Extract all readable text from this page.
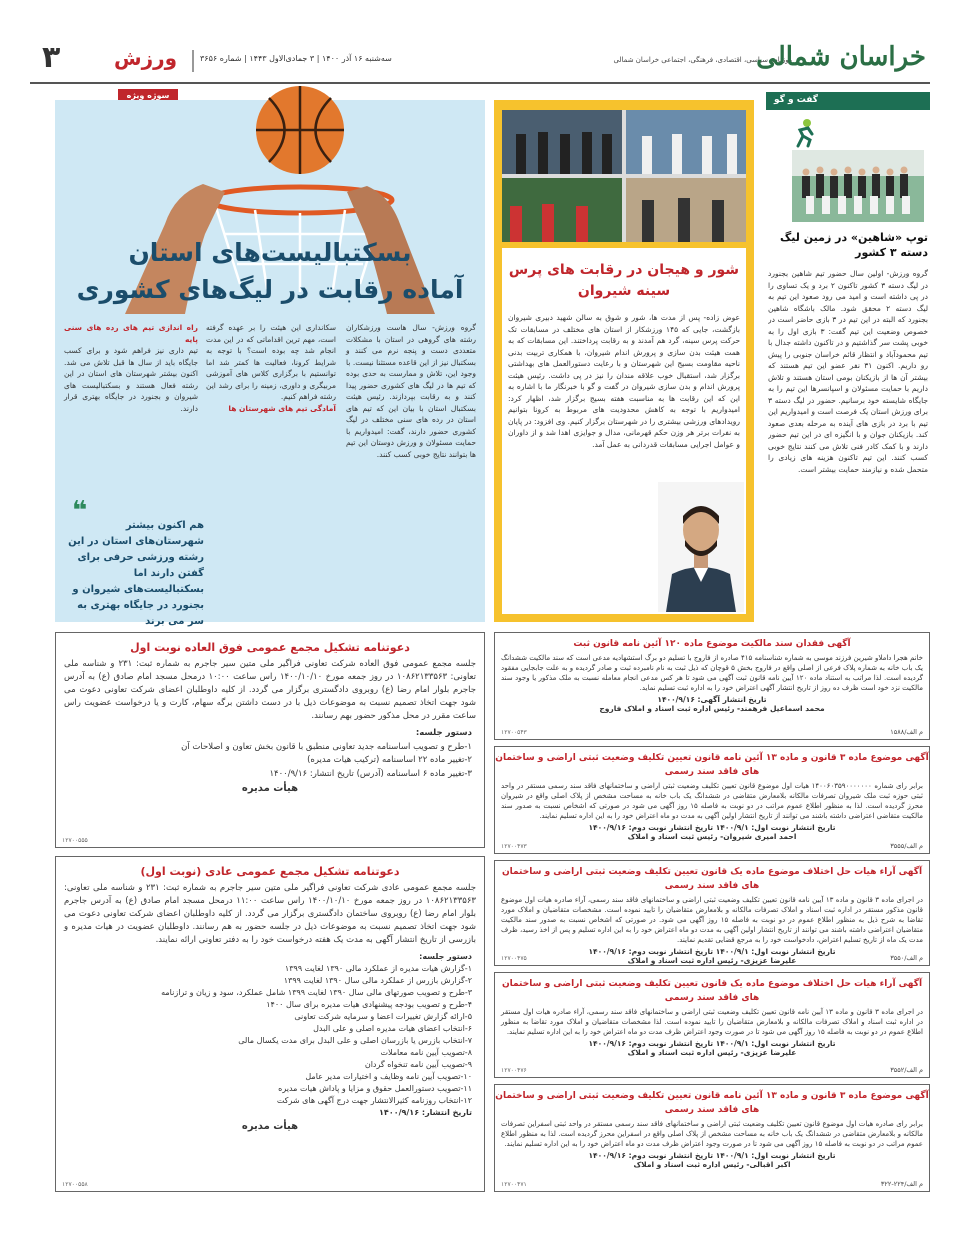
۳	ورزش	سه‌شنبه ۱۶ آذر ۱۴۰۰ | ۳ جمادی‌الاول ۱۴۴۳ | شماره ۳۶۵۶	روزنامه سیاسی، اقتصادی، فرهنگی، اجتماعی خراسان شمالی
خراسان شمالی
گفت و گو
توپ «شاهین» در زمین لیگ دسته ۳ کشور
گروه ورزش- اولین سال حضور تیم شاهین بجنورد در لیگ دسته ۳ کشور تاکنون ۲ برد و یک تساوی را در پی داشته است و امید می رود صعود این تیم به لیگ دسته ۲ محقق شود. مالک باشگاه شاهین بجنورد که البته در این تیم در ۳ بازی حاضر است در خصوص وضعیت این تیم گفت: ۳ بازی اول را به خوبی پشت سر گذاشتیم و در تاکنون داشته جدال با تیم محمودآباد و انتظار قائم خراسان جنوبی را پیش رو داریم. اکنون ۳۱ نفر عضو این تیم هستند که بیشتر آن ها از بازیکنان بومی استان هستند و تلاش داریم با حمایت مسئولان و اسپانسرها این تیم را به جایگاه شایسته خود برسانیم. حضور در لیگ دسته ۳ برای ورزش استان یک فرصت است و امیدواریم این تیم با برد در بازی های آینده به مرحله بعدی صعود کند. بازیکنان جوان و با انگیزه ای در این تیم حضور دارند و با کمک کادر فنی تلاش می کنند نتایج خوبی کسب کنند. این تیم تاکنون هزینه های زیادی را متحمل شده و نیازمند حمایت بیشتر است.
سوژه ویژه
شور و هیجان در رقابت های پرس سینه شیروان
عوض زاده- پس از مدت ها، شور و شوق به سالن شهید دبیری شیروان بازگشت، جایی که ۱۴۵ ورزشکار از استان های مختلف در مسابقات تک حرکت پرس سینه، گرد هم آمدند و به رقابت پرداختند. این مسابقات که به همت هیئت بدن سازی و پرورش اندام شیروان، با همکاری تربیت بدنی ناحیه مقاومت بسیج این شهرستان و با رعایت دستورالعمل های بهداشتی برگزار شد، استقبال خوب علاقه مندان را نیز در پی داشت. رئیس هیئت پرورش اندام و بدن سازی شیروان در گفت و گو با خبرنگار ما با اشاره به این که این رقابت ها به مناسبت هفته بسیج برگزار شد، اظهار کرد: امیدواریم با توجه به کاهش محدودیت های مربوط به کرونا بتوانیم رویدادهای ورزشی بیشتری را در شهرستان برگزار کنیم. وی افزود: در پایان به نفرات برتر هر وزن حکم قهرمانی، مدال و جوایزی اهدا شد و از داوران و عوامل اجرایی مسابقات قدردانی به عمل آمد.
بسکتبالیست‌های استان
آماده رقابت در لیگ‌های کشوری
گروه ورزش- سال هاست ورزشکاران رشته های گروهی در استان با مشکلات متعددی دست و پنجه نرم می کنند و بسکتبال نیز از این قاعده مستثنا نیست. با وجود این، تلاش و ممارست به حدی بوده که تیم ها در لیگ های کشوری حضور پیدا کنند و به رقابت بپردازند. رئیس هیئت بسکتبال استان با بیان این که تیم های استان در رده های سنی مختلف در لیگ کشوری حضور دارند، گفت: امیدواریم با حمایت مسئولان و ورزش دوستان این تیم ها بتوانند نتایج خوبی کسب کنند.
سکانداری این هیئت را بر عهده گرفته است، مهم ترین اقداماتی که در این مدت انجام شد چه بوده است؟ با توجه به شرایط کرونا، فعالیت ها کمتر شد اما توانستیم با برگزاری کلاس های آموزشی مربیگری و داوری، زمینه را برای رشد این رشته فراهم کنیم.
آمادگی تیم های شهرستان ها
راه اندازی تیم های رده های سنی پایه
تیم داری نیز فراهم شود و برای کسب جایگاه باید از سال ها قبل تلاش می شد. اکنون بیشتر شهرستان های استان در این رشته فعال هستند و بسکتبالیست های شیروان و بجنورد در جایگاه بهتری قرار دارند.
❝	هم اکنون بیشتر شهرستان‌های استان در این رشته ورزشی حرفی برای گفتن دارند اما بسکتبالیست‌های شیروان و بجنورد در جایگاه بهتری به سر می برند
دعوتنامه تشکیل مجمع عمومی فوق العاده نوبت اول
جلسه مجمع عمومی فوق العاده شرکت تعاونی فراگیر ملی متین سیر جاجرم به شماره ثبت: ۲۳۱ و شناسه ملی تعاونی: ۱۰۸۶۲۱۳۳۵۶۳ در روز جمعه مورخ ۱۴۰۰/۱۰/۱۰ راس ساعت ۱۰:۰۰ درمحل مسجد امام صادق (ع) به آدرس جاجرم بلوار امام رضا (ع) روبروی دادگستری برگزار می گردد. از کلیه داوطلبان اعضای شرکت تعاونی دعوت می شود جهت اتخاذ تصمیم نسبت به موضوعات ذیل با در دست داشتن برگه سهام، کارت و یا درخواست عضویت راس ساعت مقرر در محل مذکور حضور بهم رسانند.
دستور جلسه:
۱-طرح و تصویب اساسنامه جدید تعاونی منطبق با قانون بخش تعاون و اصلاحات آن
۲-تغییر ماده ۲۲ اساسنامه (ترکیب هیات مدیره)
۳-تغییر ماده ۶ اساسنامه (آدرس) تاریخ انتشار: ۱۴۰۰/۹/۱۶
هیأت مدیره
۱۲۷۰۰۵۵۵
دعوتنامه تشکیل مجمع عمومی عادی (نوبت اول)
جلسه مجمع عمومی عادی شرکت تعاونی فراگیر ملی متین سیر جاجرم به شماره ثبت: ۲۳۱ و شناسه ملی تعاونی: ۱۰۸۶۲۱۳۳۵۶۳ در روز جمعه مورخ ۱۴۰۰/۱۰/۱۰ راس ساعت ۱۱:۰۰ درمحل مسجد امام صادق (ع) به آدرس جاجرم بلوار امام رضا (ع) روبروی ساختمان دادگستری برگزار می گردد. از کلیه داوطلبان اعضای شرکت تعاونی دعوت می شود جهت اتخاذ تصمیم نسبت به موضوعات ذیل در جلسه حضور به هم رسانند. داوطلبان عضویت در هیات مدیره و بازرسی از تاریخ انتشار آگهی به مدت یک هفته درخواست خود را به دفتر تعاونی ارائه نمایند.
دستور جلسه:
۱-گزارش هیات مدیره از عملکرد مالی ۱۳۹۰ لغایت ۱۳۹۹
۲-گزارش بازرس از عملکرد مالی سال ۱۳۹۰ لغایت ۱۳۹۹
۳-طرح و تصویب صورتهای مالی سال ۱۳۹۰ لغایت ۱۳۹۹ شامل عملکرد، سود و زیان و ترازنامه
۴-طرح و تصویب بودجه پیشنهادی هیات مدیره برای سال ۱۴۰۰
۵-ارائه گزارش تغییرات اعضا و سرمایه شرکت تعاونی
۶-انتخاب اعضای هیات مدیره اصلی و علی البدل
۷-انتخاب بازرس یا بازرسان اصلی و علی البدل برای مدت یکسال مالی
۸-تصویب آیین نامه معاملات
۹-تصویب آیین نامه تنخواه گردان
۱۰-تصویب آیین نامه وظایف و اختیارات مدیر عامل
۱۱-تصویب دستورالعمل حقوق و مزایا و پاداش هیات مدیره
۱۲-انتخاب روزنامه کثیرالانتشار جهت درج آگهی های شرکت
تاریخ انتشار: ۱۴۰۰/۹/۱۶
هیأت مدیره
۱۲۷۰۰۵۵۸
آگهی فقدان سند مالکیت موضوع ماده ۱۲۰ آئین نامه قانون ثبت
خانم هجرا داملاو شیرین فرزند موسی به شماره شناسنامه ۴۱۵ صادره از فاروج با تسلیم دو برگ استشهادیه مدعی است که سند مالکیت ششدانگ یک باب خانه به شماره پلاک فرعی از اصلی واقع در فاروج بخش ۵ قوچان که ذیل ثبت به نام نامبرده ثبت و صادر گردیده و به علت جابجایی مفقود گردیده است. لذا مراتب به استناد ماده ۱۲۰ آیین نامه قانون ثبت آگهی می شود تا هر کس مدعی انجام معامله نسبت به ملک مذکور یا وجود سند مالکیت نزد خود است ظرف ده روز از تاریخ انتشار آگهی اعتراض خود را به اداره ثبت تسلیم نماید.
تاریخ انتشار آگهی: ۱۴۰۰/۹/۱۶
محمد اسماعیل فرهمند- رئیس اداره ثبت اسناد و املاک فاروج
م الف/۱۵۸۸
۱۲۷۰۰۵۴۳
آگهی موضوع ماده ۳ قانون و ماده ۱۳ آئین نامه قانون تعیین تکلیف وضعیت ثبتی اراضی و ساختمان های فاقد سند رسمی
برابر رای شماره ۱۴۰۰۶۰۳۵۹۰۰۰۰۰۰۰ هیات اول موضوع قانون تعیین تکلیف وضعیت ثبتی اراضی و ساختمانهای فاقد سند رسمی مستقر در واحد ثبتی حوزه ثبت ملک شیروان تصرفات مالکانه بلامعارض متقاضی در ششدانگ یک باب خانه به مساحت مشخص از پلاک اصلی واقع در شیروان محرز گردیده است. لذا به منظور اطلاع عموم مراتب در دو نوبت به فاصله ۱۵ روز آگهی می شود در صورتی که اشخاص نسبت به صدور سند مالکیت متقاضی اعتراضی داشته باشند می توانند از تاریخ انتشار اولین آگهی به مدت دو ماه اعتراض خود را به این اداره تسلیم نمایند.
تاریخ انتشار نوبت اول: ۱۴۰۰/۹/۱ تاریخ انتشار نوبت دوم: ۱۴۰۰/۹/۱۶
احمد امیری شیروان- رئیس ثبت اسناد و املاک
م الف/۳۵۵۵
۱۲۷۰۰۴۷۳
آگهی آراء هیات حل اختلاف موضوع ماده یک قانون تعیین تکلیف وضعیت ثبتی اراضی و ساختمان های فاقد سند رسمی
در اجرای ماده ۳ قانون و ماده ۱۳ آیین نامه قانون تعیین تکلیف وضعیت ثبتی اراضی و ساختمانهای فاقد سند رسمی، آراء صادره هیات اول موضوع قانون مذکور مستقر در اداره ثبت اسناد و املاک تصرفات مالکانه و بلامعارض متقاضیان را تایید نموده است. مشخصات متقاضیان و املاک مورد تقاضا به شرح ذیل به منظور اطلاع عموم در دو نوبت به فاصله ۱۵ روز آگهی می شود. در صورتی که اشخاص نسبت به صدور سند مالکیت متقاضیان اعتراضی داشته باشند می توانند از تاریخ انتشار اولین آگهی به مدت دو ماه اعتراض خود را به این اداره تسلیم و پس از اخذ رسید، ظرف مدت یک ماه از تاریخ تسلیم اعتراض، دادخواست خود را به مرجع قضایی تقدیم نمایند.
تاریخ انتشار نوبت اول: ۱۴۰۰/۹/۱ تاریخ انتشار نوبت دوم: ۱۴۰۰/۹/۱۶
علیرضا عزیزی- رئیس اداره ثبت اسناد و املاک	م الف/۳۵۵۰
۱۲۷۰۰۴۷۵
آگهی آراء هیات حل اختلاف موضوع ماده یک قانون تعیین تکلیف وضعیت ثبتی اراضی و ساختمان های فاقد سند رسمی
در اجرای ماده ۳ قانون و ماده ۱۳ آیین نامه قانون تعیین تکلیف وضعیت ثبتی اراضی و ساختمانهای فاقد سند رسمی، آراء صادره هیات اول مستقر در اداره ثبت اسناد و املاک تصرفات مالکانه و بلامعارض متقاضیان را تایید نموده است. لذا مشخصات متقاضیان و املاک مورد تقاضا به منظور اطلاع عموم در دو نوبت به فاصله ۱۵ روز آگهی می شود تا در صورت وجود اعتراض ظرف مدت دو ماه اعتراض خود را به این اداره تسلیم نمایند.
تاریخ انتشار نوبت اول: ۱۴۰۰/۹/۱ تاریخ انتشار نوبت دوم: ۱۴۰۰/۹/۱۶
علیرضا عزیزی- رئیس اداره ثبت اسناد و املاک
م الف/۳۵۵۲
۱۲۷۰۰۴۷۶
آگهی موضوع ماده ۳ قانون و ماده ۱۳ آئین نامه قانون تعیین تکلیف وضعیت ثبتی اراضی و ساختمان های فاقد سند رسمی
برابر رای صادره هیات اول موضوع قانون تعیین تکلیف وضعیت ثبتی اراضی و ساختمانهای فاقد سند رسمی مستقر در واحد ثبتی اسفراین تصرفات مالکانه و بلامعارض متقاضی در ششدانگ یک باب خانه به مساحت مشخص از پلاک اصلی واقع در اسفراین محرز گردیده است. لذا به منظور اطلاع عموم مراتب در دو نوبت به فاصله ۱۵ روز آگهی می شود تا در صورت وجود اعتراض ظرف مدت دو ماه اعتراض خود را به این اداره تسلیم نمایند.
تاریخ انتشار نوبت اول: ۱۴۰۰/۹/۱ تاریخ انتشار نوبت دوم: ۱۴۰۰/۹/۱۶
اکبر اقبالی- رئیس اداره ثبت اسناد و املاک
م الف/۲۲۴-۳۲۲
۱۲۷۰۰۴۷۱
